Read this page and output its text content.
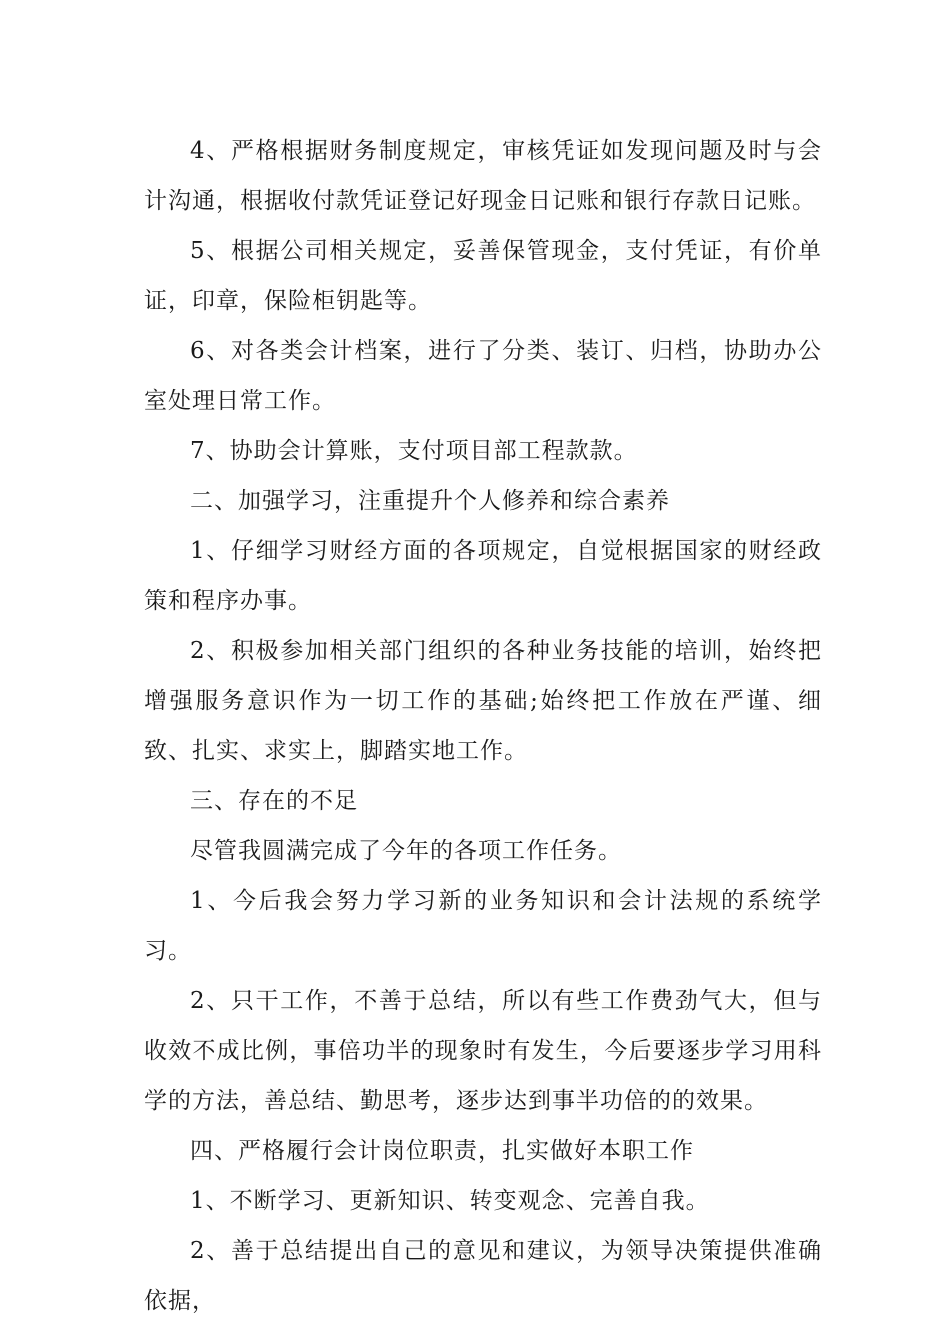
4、严格根据财务制度规定，审核凭证如发现问题及时与会计沟通，根据收付款凭证登记好现金日记账和银行存款日记账。

5、根据公司相关规定，妥善保管现金，支付凭证，有价单证，印章，保险柜钥匙等。

6、对各类会计档案，进行了分类、装订、归档，协助办公室处理日常工作。

7、协助会计算账，支付项目部工程款款。

二、加强学习，注重提升个人修养和综合素养

1、仔细学习财经方面的各项规定，自觉根据国家的财经政策和程序办事。

2、积极参加相关部门组织的各种业务技能的培训，始终把增强服务意识作为一切工作的基础;始终把工作放在严谨、细致、扎实、求实上，脚踏实地工作。

三、存在的不足

尽管我圆满完成了今年的各项工作任务。

1、今后我会努力学习新的业务知识和会计法规的系统学习。

2、只干工作，不善于总结，所以有些工作费劲气大，但与收效不成比例，事倍功半的现象时有发生，今后要逐步学习用科学的方法，善总结、勤思考，逐步达到事半功倍的的效果。

四、严格履行会计岗位职责，扎实做好本职工作

1、不断学习、更新知识、转变观念、完善自我。

2、善于总结提出自己的意见和建议，为领导决策提供准确依据，
